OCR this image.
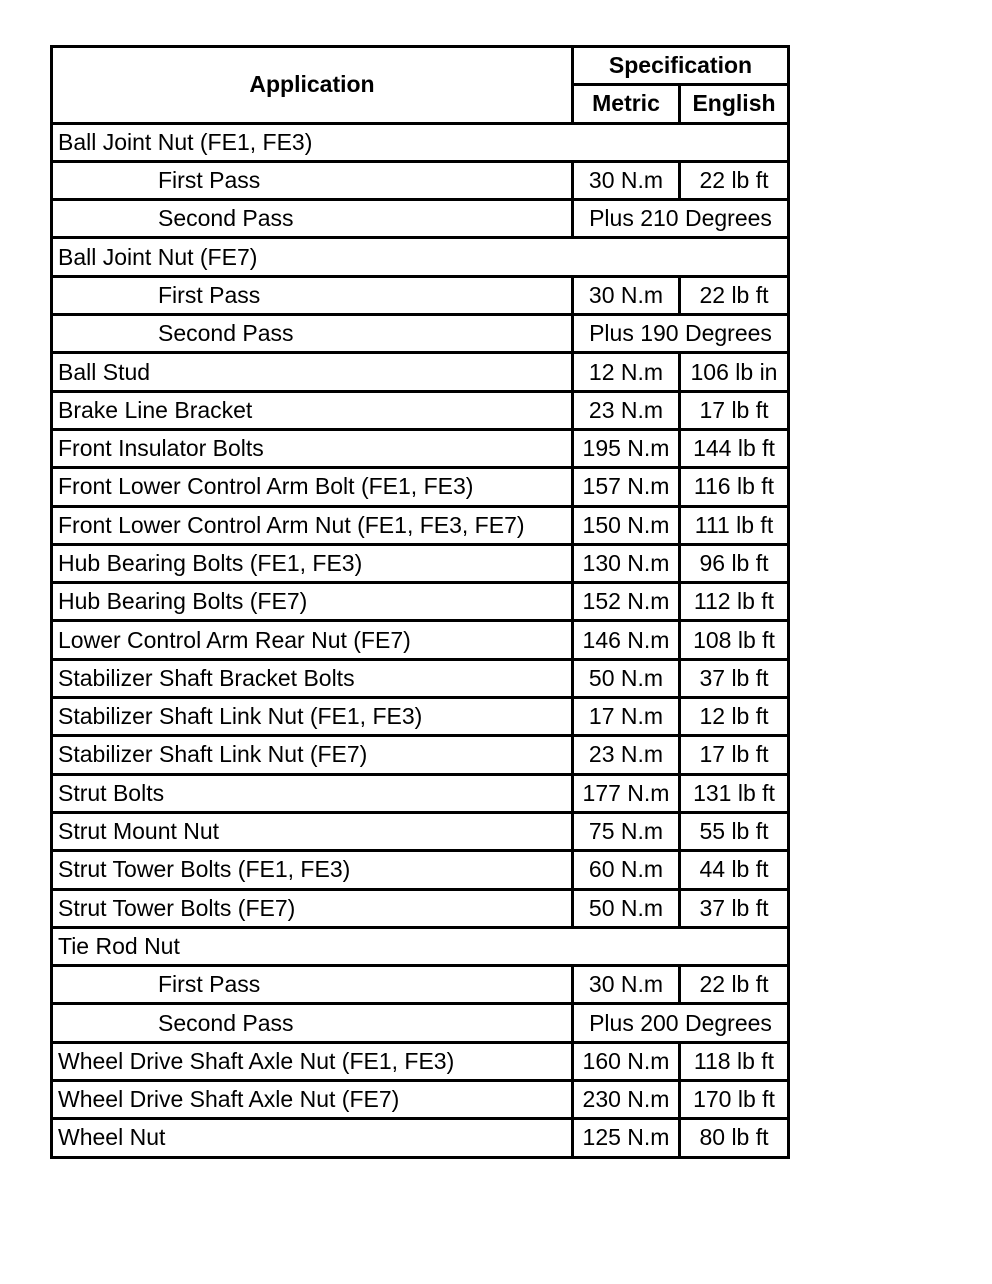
Application	Specification	
	Metric	English
Ball Joint Nut (FE1, FE3)		
First Pass	30 N.m	22 lb ft
Second Pass	Plus 210 Degrees	
Ball Joint Nut (FE7)		
First Pass	30 N.m	22 lb ft
Second Pass	Plus 190 Degrees	
Ball Stud	12 N.m	106 lb in
Brake Line Bracket	23 N.m	17 lb ft
Front Insulator Bolts	195 N.m	144 lb ft
Front Lower Control Arm Bolt (FE1, FE3)	157 N.m	116 lb ft
Front Lower Control Arm Nut (FE1, FE3, FE7)	150 N.m	111 lb ft
Hub Bearing Bolts (FE1, FE3)	130 N.m	96 lb ft
Hub Bearing Bolts (FE7)	152 N.m	112 lb ft
Lower Control Arm Rear Nut (FE7)	146 N.m	108 lb ft
Stabilizer Shaft Bracket Bolts	50 N.m	37 lb ft
Stabilizer Shaft Link Nut (FE1, FE3)	17 N.m	12 lb ft
Stabilizer Shaft Link Nut (FE7)	23 N.m	17 lb ft
Strut Bolts	177 N.m	131 lb ft
Strut Mount Nut	75 N.m	55 lb ft
Strut Tower Bolts (FE1, FE3)	60 N.m	44 lb ft
Strut Tower Bolts (FE7)	50 N.m	37 lb ft
Tie Rod Nut		
First Pass	30 N.m	22 lb ft
Second Pass	Plus 200 Degrees	
Wheel Drive Shaft Axle Nut (FE1, FE3)	160 N.m	118 lb ft
Wheel Drive Shaft Axle Nut (FE7)	230 N.m	170 lb ft
Wheel Nut	125 N.m	80 lb ft
